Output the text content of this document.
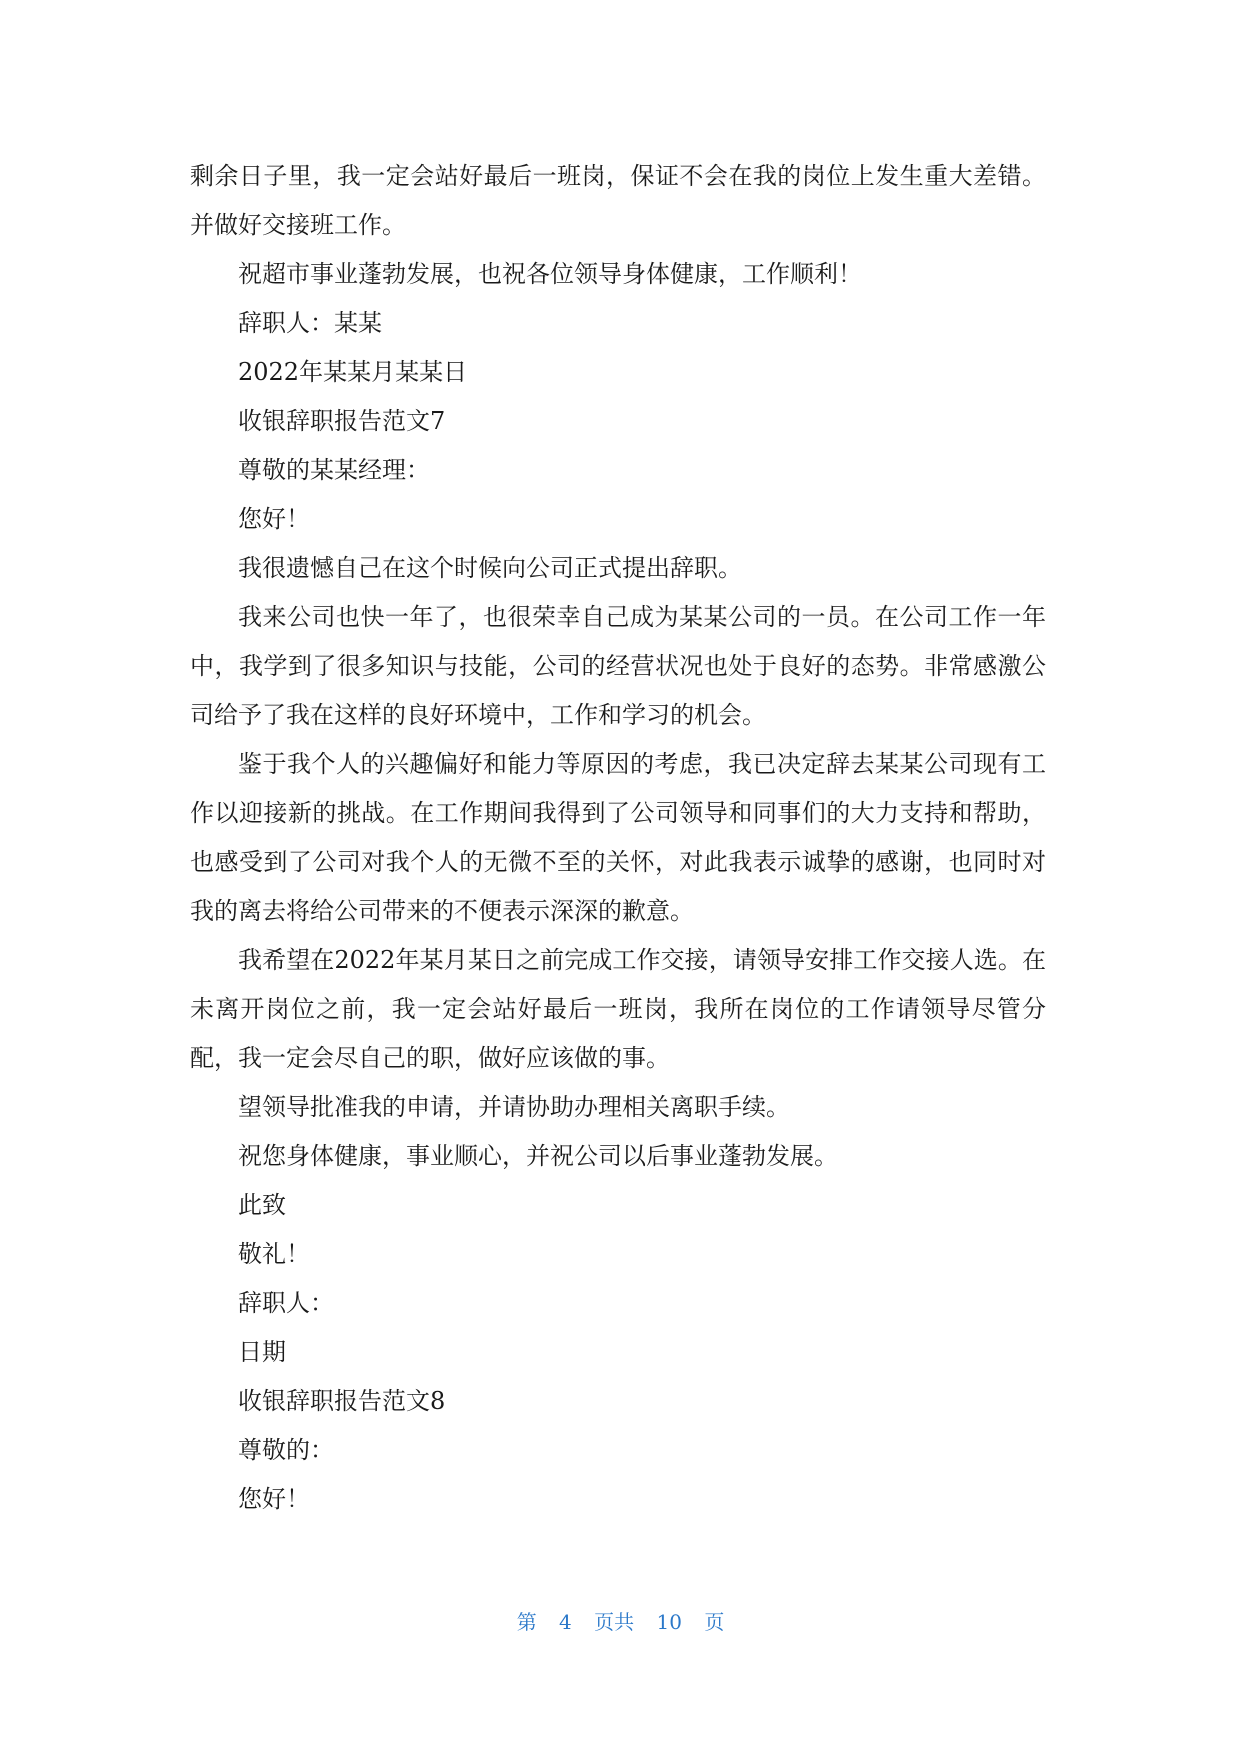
剩余日子里，我一定会站好最后一班岗，保证不会在我的岗位上发生重大差错。并做好交接班工作。

祝超市事业蓬勃发展，也祝各位领导身体健康，工作顺利！

辞职人：某某

2022年某某月某某日

收银辞职报告范文7

尊敬的某某经理：

您好！

我很遗憾自己在这个时候向公司正式提出辞职。

我来公司也快一年了，也很荣幸自己成为某某公司的一员。在公司工作一年中，我学到了很多知识与技能，公司的经营状况也处于良好的态势。非常感激公司给予了我在这样的良好环境中，工作和学习的机会。

鉴于我个人的兴趣偏好和能力等原因的考虑，我已决定辞去某某公司现有工作以迎接新的挑战。在工作期间我得到了公司领导和同事们的大力支持和帮助，也感受到了公司对我个人的无微不至的关怀，对此我表示诚挚的感谢，也同时对我的离去将给公司带来的不便表示深深的歉意。

我希望在2022年某月某日之前完成工作交接，请领导安排工作交接人选。在未离开岗位之前，我一定会站好最后一班岗，我所在岗位的工作请领导尽管分配，我一定会尽自己的职，做好应该做的事。

望领导批准我的申请，并请协助办理相关离职手续。

祝您身体健康，事业顺心，并祝公司以后事业蓬勃发展。

此致

敬礼！

辞职人：

日期

收银辞职报告范文8

尊敬的：

您好！

第 4 页共 10 页
